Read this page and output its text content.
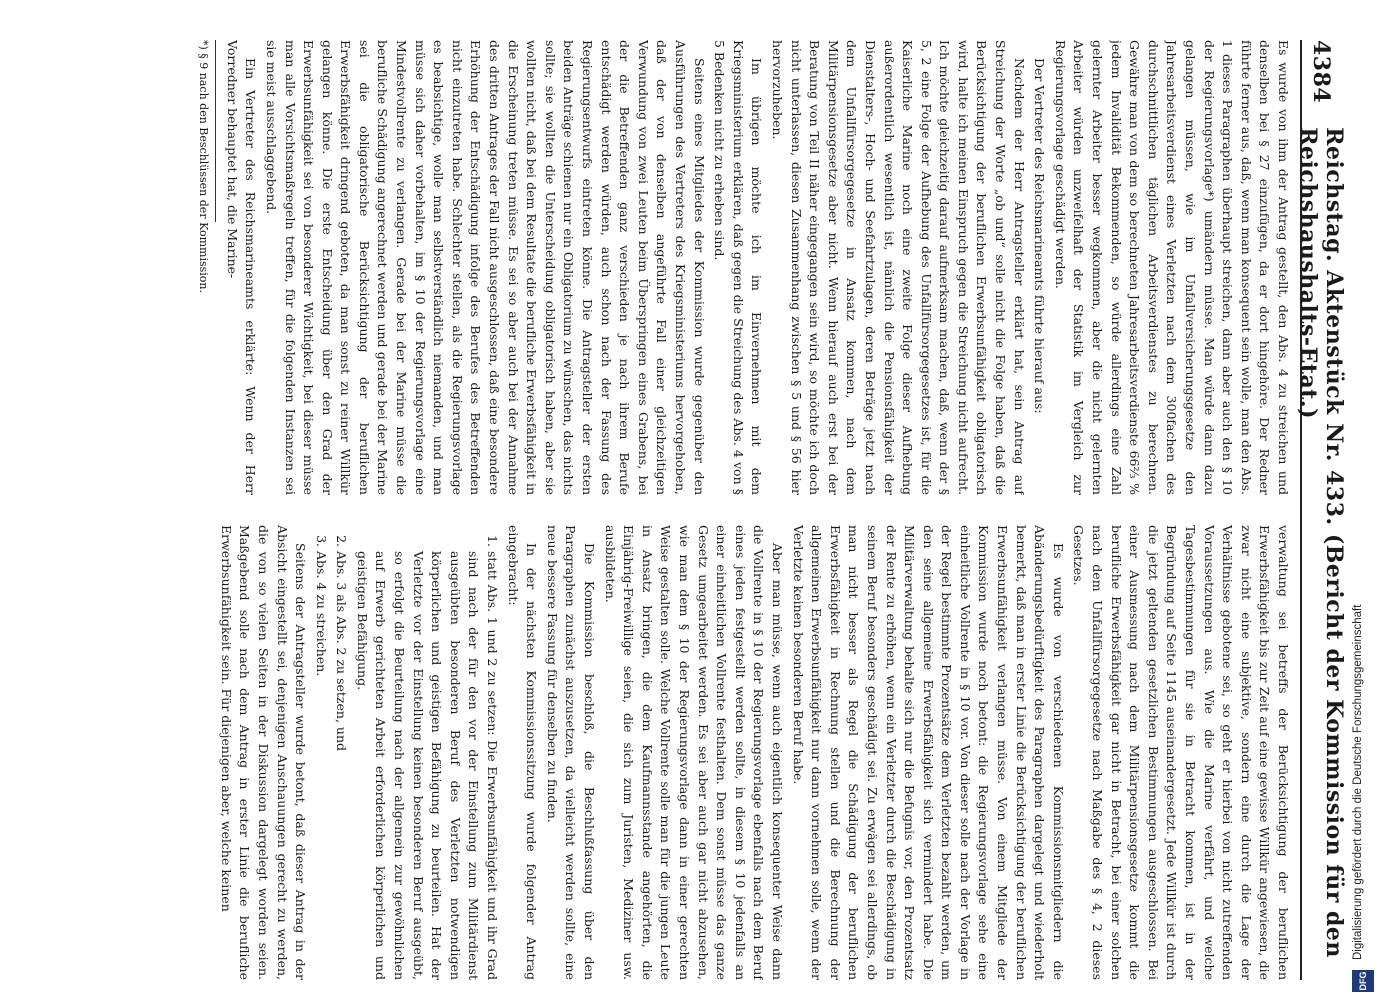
4384
Reichstag. Aktenstück Nr. 433. (Bericht der Kommission für den Reichshaushalts-Etat.)

Es wurde von ihm der Antrag gestellt, den Abs. 4 zu streichen und denselben bei § 27 einzufügen, da er dort hingehöre. Der Redner führte ferner aus, daß, wenn man konsequent sein wolle, man den Abs. 1 dieses Paragraphen überhaupt streichen, dann aber auch den § 10 der Regierungsvorlage*) umändern müsse. Man würde dann dazu gelangen müssen, wie im Unfallversicherungsgesetze den Jahresarbeitsverdienst eines Verletzten nach dem 300fachen des durchschnittlichen täglichen Arbeitsverdienstes zu berechnen. Gewähre man von dem so berechneten Jahresarbeitsverdienste 66⅔ % jedem Invalidität Bekommenden, so würde allerdings eine Zahl gelernter Arbeiter besser wegkommen, aber die nicht gelernten Arbeiter würden unzweifelhaft der Statistik im Vergleich zur Regierungsvorlage geschädigt werden.

Der Vertreter des Reichsmarineamts führte hierauf aus:

Nachdem der Herr Antragsteller erklärt hat, sein Antrag auf Streichung der Worte „ob und“ solle nicht die Folge haben, daß die Berücksichtigung der beruflichen Erwerbsunfähigkeit obligatorisch wird, halte ich meinen Einspruch gegen die Streichung nicht aufrecht. Ich möchte gleichzeitig darauf aufmerksam machen, daß, wenn der § 5, 2 eine Folge der Aufhebung des Unfallfürsorgegesetzes ist, für die Kaiserliche Marine noch eine zweite Folge dieser Aufhebung außerordentlich wesentlich ist, nämlich die Pensionsfähigkeit der Dienstalters-, Hoch- und Seefahrtzulagen, deren Beträge jetzt nach dem Unfallfürsorgegesetze in Ansatz kommen, nach dem Militärpensionsgesetze aber nicht. Wenn hierauf auch erst bei der Beratung von Teil II näher eingegangen sein wird, so möchte ich doch nicht unterlassen, diesen Zusammenhang zwischen § 5 und § 56 hier hervorzuheben.

Im übrigen möchte ich im Einvernehmen mit dem Kriegsministerium erklären, daß gegen die Streichung des Abs. 4 von § 5 Bedenken nicht zu erheben sind.

Seitens eines Mitgliedes der Kommission wurde gegenüber den Ausführungen des Vertreters des Kriegsministeriums hervorgehoben, daß der von denselben angeführte Fall einer gleichzeitigen Verwundung von zwei Leuten beim Überspringen eines Grabens, bei der die Betreffenden ganz verschieden je nach ihrem Berufe entschädigt werden würden, auch schon nach der Fassung des Regierungsentwurfs eintreten könne. Die Antragsteller der ersten beiden Anträge schienen nur ein Obligatorium zu wünschen, das nichts sollte; sie wollten die Unterscheidung obligatorisch haben, aber sie wollten nicht, daß bei dem Resultate die berufliche Erwerbsfähigkeit in die Erscheinung treten müsse. Es sei so aber auch bei der Annahme des dritten Antrages der Fall nicht ausgeschlossen, daß eine besondere Erhöhung der Entschädigung infolge des Berufes des Betreffenden nicht einzutreten habe. Schlechter stellen, als die Regierungsvorlage es beabsichtige, wolle man selbstverständlich niemanden, und man müsse sich daher vorbehalten, im § 10 der Regierungsvorlage eine Mindestvollrente zu verlangen. Gerade bei der Marine müsse die berufliche Schädigung angerechnet werden und gerade bei der Marine sei die obligatorische Berücksichtigung der beruflichen Erwerbsfähigkeit dringend geboten, da man sonst zu reiner Willkür gelangen könne. Die erste Entscheidung über den Grad der Erwerbsunfähigkeit sei von besonderer Wichtigkeit, bei dieser müsse man alle Vorsichtsmaßregeln treffen, für die folgenden Instanzen sei sie meist ausschlaggebend.

Ein Vertreter des Reichsmarineamts erklärte: Wenn der Herr Vorredner behauptet hat, die Marine-

*) § 9 nach den Beschlüssen der Kommission.

verwaltung sei betreffs der Berücksichtigung der beruflichen Erwerbsfähigkeit bis zur Zeit auf eine gewisse Willkür angewiesen, die zwar nicht eine subjektive, sondern eine durch die Lage der Verhältnisse gebotene sei, so geht er hierbei von nicht zutreffenden Voraussetzungen aus. Wie die Marine verfährt, und welche Tagesbestimmungen für sie in Betracht kommen, ist in der Begründung auf Seite 1145 auseinandergesetzt. Jede Willkür ist durch die jetzt geltenden gesetzlichen Bestimmungen ausgeschlossen. Bei einer Ausmessung nach dem Militärpensionsgesetze kommt die berufliche Erwerbsfähigkeit gar nicht in Betracht, bei einer solchen nach dem Unfallfürsorgegesetze nach Maßgabe des § 4, 2 dieses Gesetzes.

Es wurde von verschiedenen Kommissionsmitgliedern die Abänderungsbedürftigkeit des Paragraphen dargelegt und wiederholt bemerkt, daß man in erster Linie die Berücksichtigung der beruflichen Erwerbsunfähigkeit verlangen müsse. Von einem Mitgliede der Kommission wurde noch betont: die Regierungsvorlage sehe eine einheitliche Vollrente in § 10 vor. Von dieser solle nach der Vorlage in der Regel bestimmte Prozentsätze dem Verletzten bezahlt werden, um den seine allgemeine Erwerbsfähigkeit sich vermindert habe. Die Militärverwaltung behalte sich nur die Befugnis vor, den Prozentsatz der Rente zu erhöhen, wenn ein Verletzter durch die Beschädigung in seinem Beruf besonders geschädigt sei. Zu erwägen sei allerdings, ob man nicht besser als Regel die Schädigung der beruflichen Erwerbsfähigkeit in Rechnung stellen und die Berechnung der allgemeinen Erwerbsunfähigkeit nur dann vornehmen solle, wenn der Verletzte keinen besonderen Beruf habe.

Aber man müsse, wenn auch eigentlich konsequenter Weise dann die Vollrente in § 10 der Regierungsvorlage ebenfalls nach dem Beruf eines jeden festgestellt werden sollte, in diesem § 10 jedenfalls an einer einheitlichen Vollrente festhalten. Dem sonst müsse das ganze Gesetz umgearbeitet werden. Es sei aber auch gar nicht abzusehen, wie man dem § 10 der Regierungsvorlage dann in einer gerechten Weise gestalten solle. Welche Vollrente solle man für die jungen Leute in Ansatz bringen, die dem Kaufmannsstande angehörten, die Einjährig-Freiwillige seien, die sich zum Juristen, Mediziner usw. ausbildeten.

Die Kommission beschloß, die Beschlußfassung über den Paragraphen zunächst auszusetzen, da vielleicht werden sollte, eine neue bessere Fassung für denselben zu finden.

In der nächsten Kommissionssitzung wurde folgender Antrag eingebracht:

1. statt Abs. 1 und 2 zu setzen: Die Erwerbsunfähigkeit und ihr Grad sind nach der für den vor der Einstellung zum Militärdienst ausgeübten besonderen Beruf des Verletzten notwendigen körperlichen und geistigen Befähigung zu beurteilen. Hat der Verletzte vor der Einstellung keinen besonderen Beruf ausgeübt, so erfolgt die Beurteilung nach der allgemein zur gewöhnlichen auf Erwerb gerichteten Arbeit erforderlichen körperlichen und geistigen Befähigung.
2. Abs. 3 als Abs. 2 zu setzen, und
3. Abs. 4 zu streichen.

Seitens der Antragsteller wurde betont, daß dieser Antrag in der Absicht eingestellt sei, denjenigen Anschauungen gerecht zu werden, die von so vielen Seiten in der Diskussion dargelegt worden seien. Maßgebend solle nach dem Antrag in erster Linie die berufliche Erwerbsunfähigkeit sein. Für diejenigen aber, welche keinen	Digitalisierung gefördert durch die Deutsche Forschungsgemeinschaft
DFG
